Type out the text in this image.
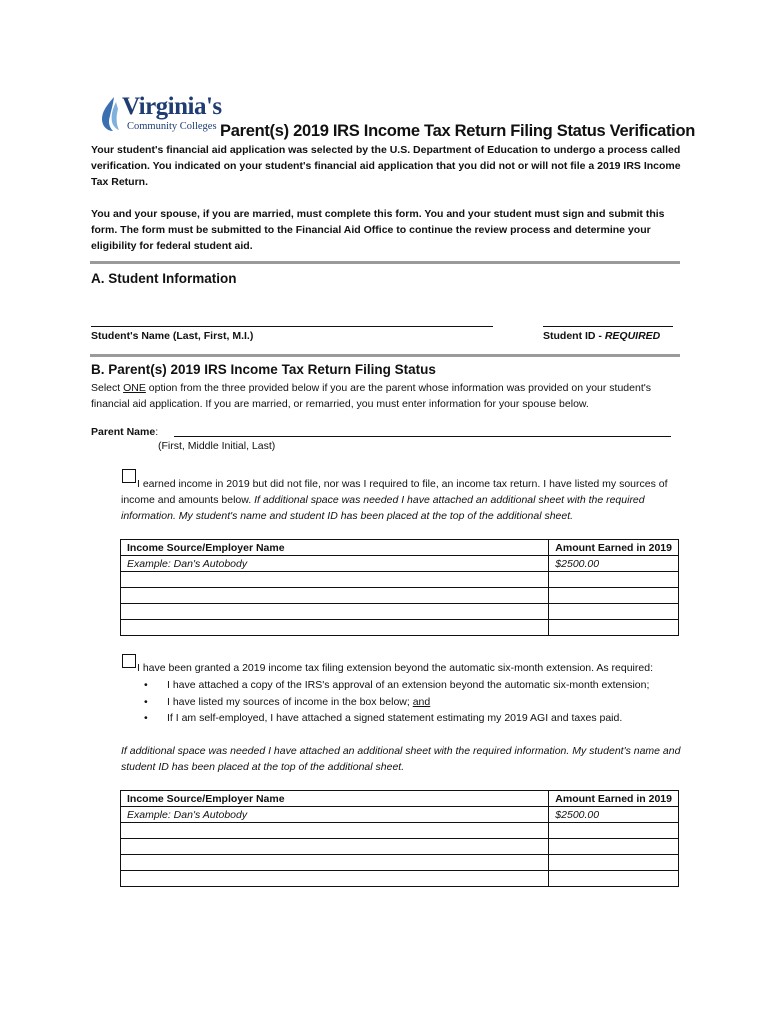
Virginia's
Community Colleges Parent(s) 2019 IRS Income Tax Return Filing Status Verification
Your student's financial aid application was selected by the U.S. Department of Education to undergo a process called verification. You indicated on your student's financial aid application that you did not or will not file a 2019 IRS Income Tax Return.
You and your spouse, if you are married, must complete this form. You and your student must sign and submit this form. The form must be submitted to the Financial Aid Office to continue the review process and determine your eligibility for federal student aid.
A. Student Information
Student's Name (Last, First, M.I.)	Student ID - REQUIRED
B. Parent(s) 2019 IRS Income Tax Return Filing Status
Select ONE option from the three provided below if you are the parent whose information was provided on your student's
financial aid application. If you are married, or remarried, you must enter information for your spouse below.
Parent Name:
(First, Middle Initial, Last)
I earned income in 2019 but did not file, nor was I required to file, an income tax return. I have listed my sources of
income and amounts below. If additional space was needed I have attached an additional sheet with the required
information. My student's name and student ID has been placed at the top of the additional sheet.
Income Source/Employer Name	Amount Earned in 2019
Example: Dan's Autobody	$2500.00

I have been granted a 2019 income tax filing extension beyond the automatic six-month extension. As required:
• I have attached a copy of the IRS's approval of an extension beyond the automatic six-month extension;
• I have listed my sources of income in the box below; and
• If I am self-employed, I have attached a signed statement estimating my 2019 AGI and taxes paid.
If additional space was needed I have attached an additional sheet with the required information. My student's name and
student ID has been placed at the top of the additional sheet.
Income Source/Employer Name	Amount Earned in 2019
Example: Dan's Autobody	$2500.00
